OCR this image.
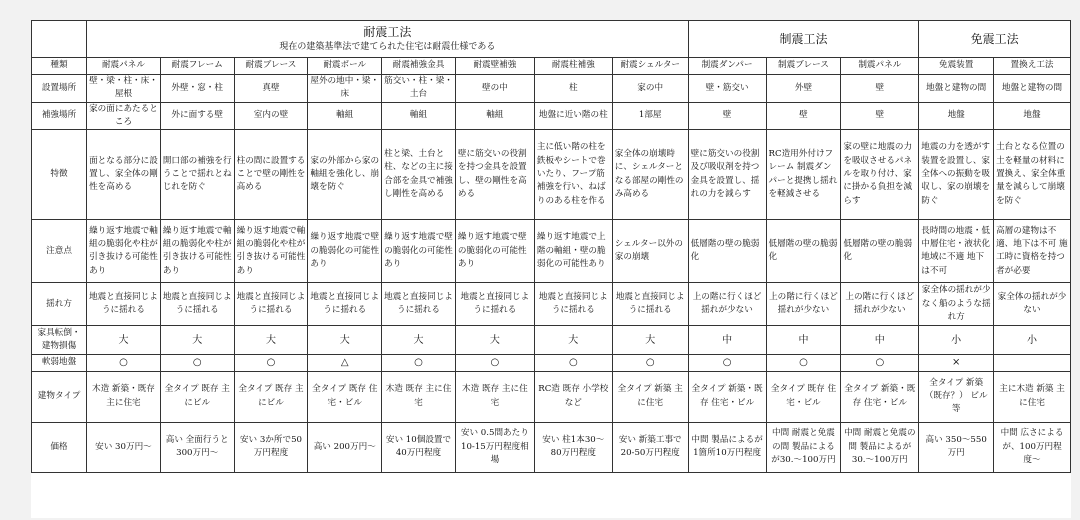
	耐震工法
現在の建築基準法で建てられた住宅は耐震仕様である								制震工法			免震工法	
種類	耐震パネル	耐震フレーム	耐震ブレース	耐震ボール	耐震補強金具	耐震壁補強	耐震柱補強	耐震シェルター	制震ダンパー	制震ブレース	制震パネル	免震装置	置換え工法
設置場所	壁・梁・柱・床・屋根	外壁・窓・柱	真壁	屋外の地中・梁・床	筋交い・柱・梁・土台	壁の中	柱	家の中	壁・筋交い	外壁	壁	地盤と建物の間	地盤と建物の間
補強場所	家の面にあたるところ	外に面する壁	室内の壁	軸組	軸組	軸組	地盤に近い階の柱	1部屋	壁	壁	壁	地盤	地盤
特徴	面となる部分に設置し、家全体の剛性を高める	開口部の補強を行うことで揺れとねじれを防ぐ	柱の間に設置することで壁の剛性を高める	家の外部から家の軸組を強化し、崩壊を防ぐ	柱と梁、土台と柱、などの主に接合部を金具で補強し剛性を高める	壁に筋交いの役割を持つ金具を設置し、壁の剛性を高める	主に低い階の柱を鉄板やシートで巻いたり、フープ筋補強を行い、ねばりのある柱を作る	家全体の崩壊時に、シェルターとなる部屋の剛性のみ高める	壁に筋交いの役割及び吸収剤を持つ金具を設置し、揺れの力を減らす	RC造用外付けフレーム 制震ダンパーと提携し揺れを軽減させる	家の壁に地震の力を吸収させるパネルを取り付け、家に掛かる負担を減らす	地震の力を透がす装置を設置し、家全体への振動を吸収し、家の崩壊を防ぐ	土台となる位置の土を軽量の材料に置換え、家全体重量を減らして崩壊を防ぐ
注意点	繰り返す地震で軸組の脆弱化や柱が引き抜ける可能性あり	繰り返す地震で軸組の脆弱化や柱が引き抜ける可能性あり	繰り返す地震で軸組の脆弱化や柱が引き抜ける可能性あり	繰り返す地震で壁の脆弱化の可能性あり	繰り返す地震で壁の脆弱化の可能性あり	繰り返す地震で壁の脆弱化の可能性あり	繰り返す地震で上階の軸組・壁の脆弱化の可能性あり	シェルター以外の家の崩壊	低層階の壁の脆弱化	低層階の壁の脆弱化	低層階の壁の脆弱化	長時間の地震・低中層住宅・液状化地域に不適 地下は不可	高層の建物は不適、地下は不可 施工時に資格を持つ者が必要
揺れ方	地震と直接同じように揺れる	地震と直接同じように揺れる	地震と直接同じように揺れる	地震と直接同じように揺れる	地震と直接同じように揺れる	地震と直接同じように揺れる	地震と直接同じように揺れる	地震と直接同じように揺れる	上の階に行くほど揺れが少ない	上の階に行くほど揺れが少ない	上の階に行くほど揺れが少ない	家全体の揺れが少なく船のような揺れ方	家全体の揺れが少ない
家具転倒・建物損傷	大	大	大	大	大	大	大	大	中	中	中	小	小
軟弱地盤	○	○	○	△	○	○	○	○	○	○	○	×	
建物タイプ	木造 新築・既存 主に住宅	全タイプ 既存 主にビル	全タイプ 既存 主にビル	全タイプ 既存 住宅・ビル	木造 既存 主に住宅	木造 既存 主に住宅	RC造 既存 小学校など	全タイプ 新築 主に住宅	全タイプ 新築・既存 住宅・ビル	全タイプ 既存 住宅・ビル	全タイプ 新築・既存 住宅・ビル	全タイプ 新築（既存？） ビル等	主に木造 新築 主に住宅
価格	安い 30万円〜	高い 全面行うと300万円〜	安い 3か所で50万円程度	高い 200万円〜	安い 10個設置で40万円程度	安い 0.5間あたり10-15万円程度相場	安い 柱1本30〜80万円程度	安い 新築工事で20-50万円程度	中間 製品によるが1箇所10万円程度	中間 耐震と免震の間 製品によるが30.〜100万円	中間 耐震と免震の間 製品によるが30.〜100万円	高い 350〜550万円	中間 広さによるが、100万円程度〜
